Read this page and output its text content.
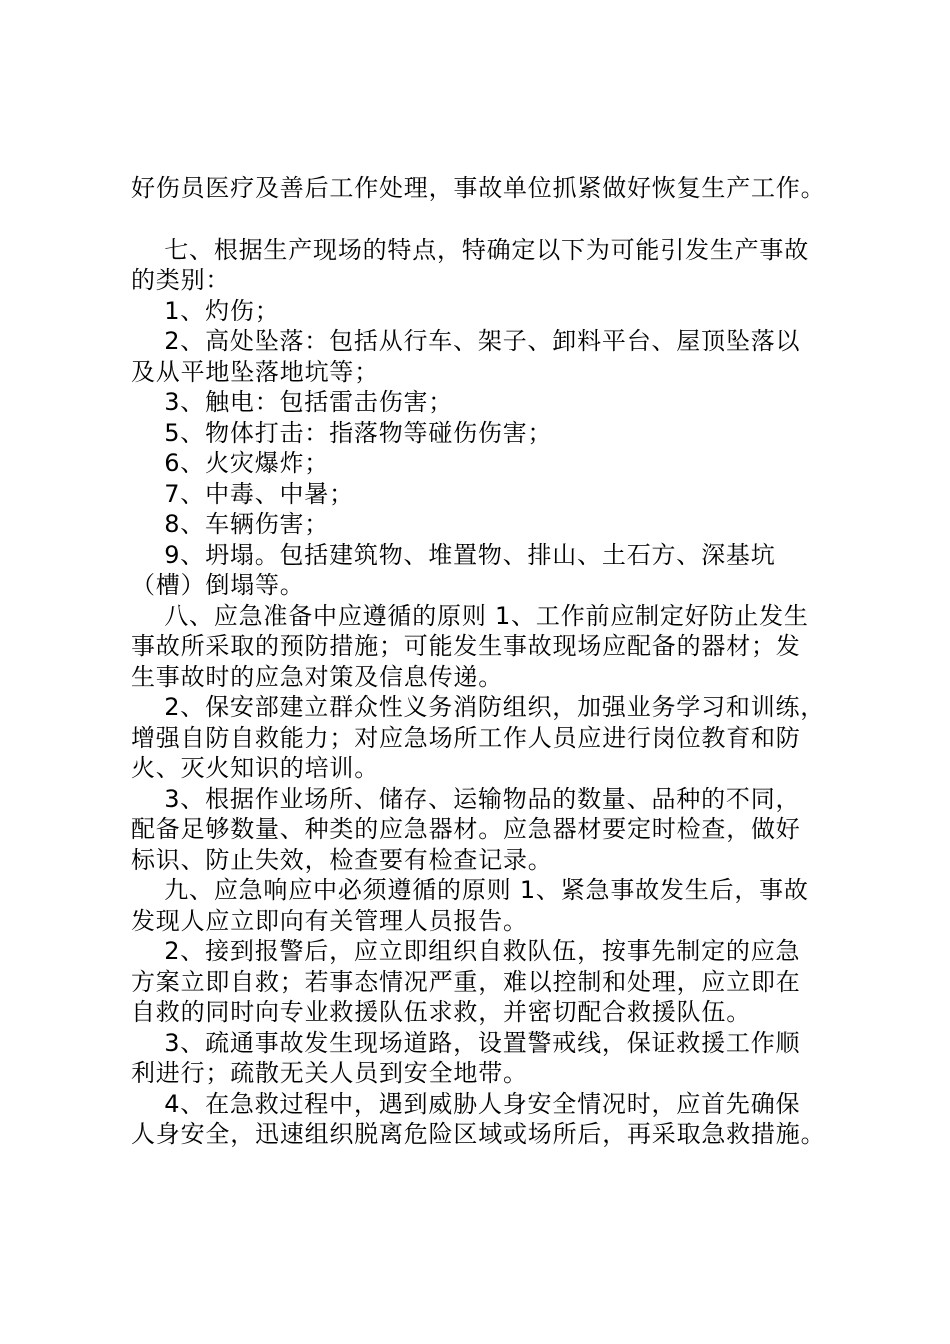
好伤员医疗及善后工作处理，事故单位抓紧做好恢复生产工作。

　 七、根据生产现场的特点，特确定以下为可能引发生产事故

的类别：

　 1、灼伤；

　 2、高处坠落：包括从行车、架子、卸料平台、屋顶坠落以

及从平地坠落地坑等；

　 3、触电：包括雷击伤害；

　 5、物体打击：指落物等碰伤伤害；

　 6、火灾爆炸；

　 7、中毒、中暑；

　 8、车辆伤害；

　 9、坍塌。包括建筑物、堆置物、排山、土石方、深基坑

（槽）倒塌等。

　 八、应急准备中应遵循的原则 1、工作前应制定好防止发生

事故所采取的预防措施；可能发生事故现场应配备的器材；发

生事故时的应急对策及信息传递。

　 2、保安部建立群众性义务消防组织，加强业务学习和训练，

增强自防自救能力；对应急场所工作人员应进行岗位教育和防

火、灭火知识的培训。

　 3、根据作业场所、储存、运输物品的数量、品种的不同，

配备足够数量、种类的应急器材。应急器材要定时检查，做好

标识、防止失效，检查要有检查记录。

　 九、应急响应中必须遵循的原则 1、紧急事故发生后，事故

发现人应立即向有关管理人员报告。

　 2、接到报警后，应立即组织自救队伍，按事先制定的应急

方案立即自救；若事态情况严重，难以控制和处理，应立即在

自救的同时向专业救援队伍求救，并密切配合救援队伍。

　 3、疏通事故发生现场道路，设置警戒线，保证救援工作顺

利进行；疏散无关人员到安全地带。

　 4、在急救过程中，遇到威胁人身安全情况时，应首先确保

人身安全，迅速组织脱离危险区域或场所后，再采取急救措施。
